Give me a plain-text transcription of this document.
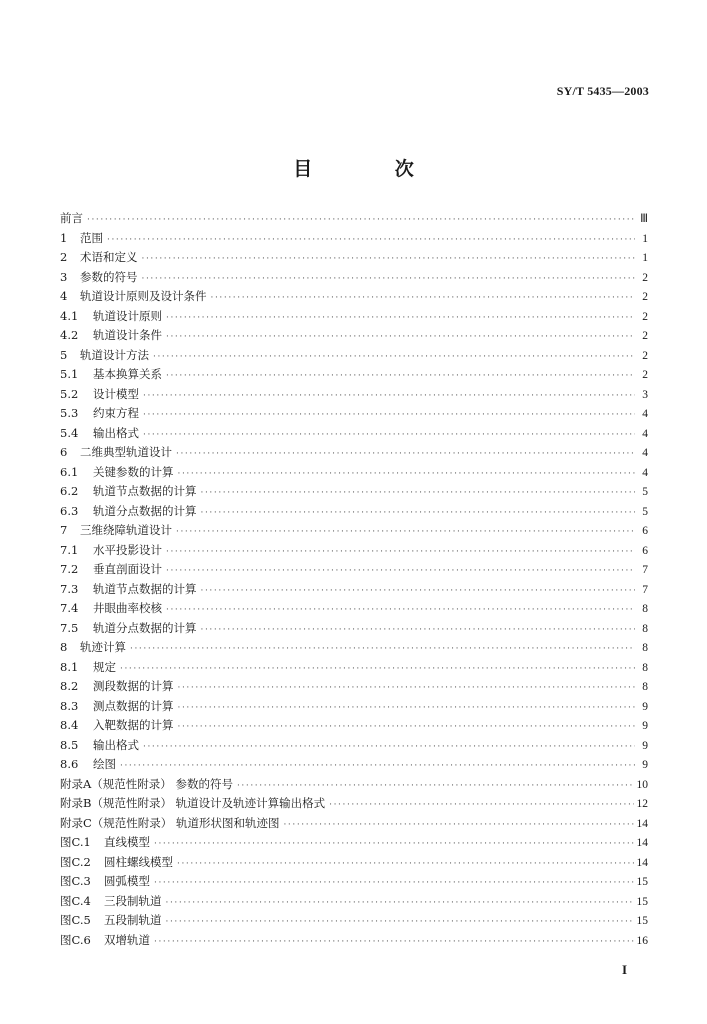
SY/T 5435—2003
目 次
前言 ·····	Ⅲ
1	范围 ·····	1
2	术语和定义 ·····	1
3	参数的符号 ·····	2
4	轨道设计原则及设计条件 ·····	2
4.1	轨道设计原则 ·····	2
4.2	轨道设计条件 ·····	2
5	轨道设计方法 ·····	2
5.1	基本换算关系 ·····	2
5.2	设计模型 ·····	3
5.3	约束方程 ·····	4
5.4	输出格式 ·····	4
6	二维典型轨道设计 ·····	4
6.1	关键参数的计算 ·····	4
6.2	轨道节点数据的计算 ·····	5
6.3	轨道分点数据的计算 ·····	5
7	三维绕障轨道设计 ·····	6
7.1	水平投影设计 ·····	6
7.2	垂直剖面设计 ·····	7
7.3	轨道节点数据的计算 ·····	7
7.4	井眼曲率校核 ·····	8
7.5	轨道分点数据的计算 ·····	8
8	轨迹计算 ·····	8
8.1	规定 ·····	8
8.2	测段数据的计算 ·····	8
8.3	测点数据的计算 ·····	9
8.4	入靶数据的计算 ·····	9
8.5	输出格式 ·····	9
8.6	绘图 ·····	9
附录A（规范性附录） 参数的符号 ·····	10
附录B（规范性附录） 轨道设计及轨迹计算输出格式 ·····	12
附录C（规范性附录） 轨道形状图和轨迹图 ·····	14
图C.1	直线模型 ·····	14
图C.2	圆柱螺线模型 ·····	14
图C.3	圆弧模型 ·····	15
图C.4	三段制轨道 ·····	15
图C.5	五段制轨道 ·····	15
图C.6	双增轨道 ·····	16
I
